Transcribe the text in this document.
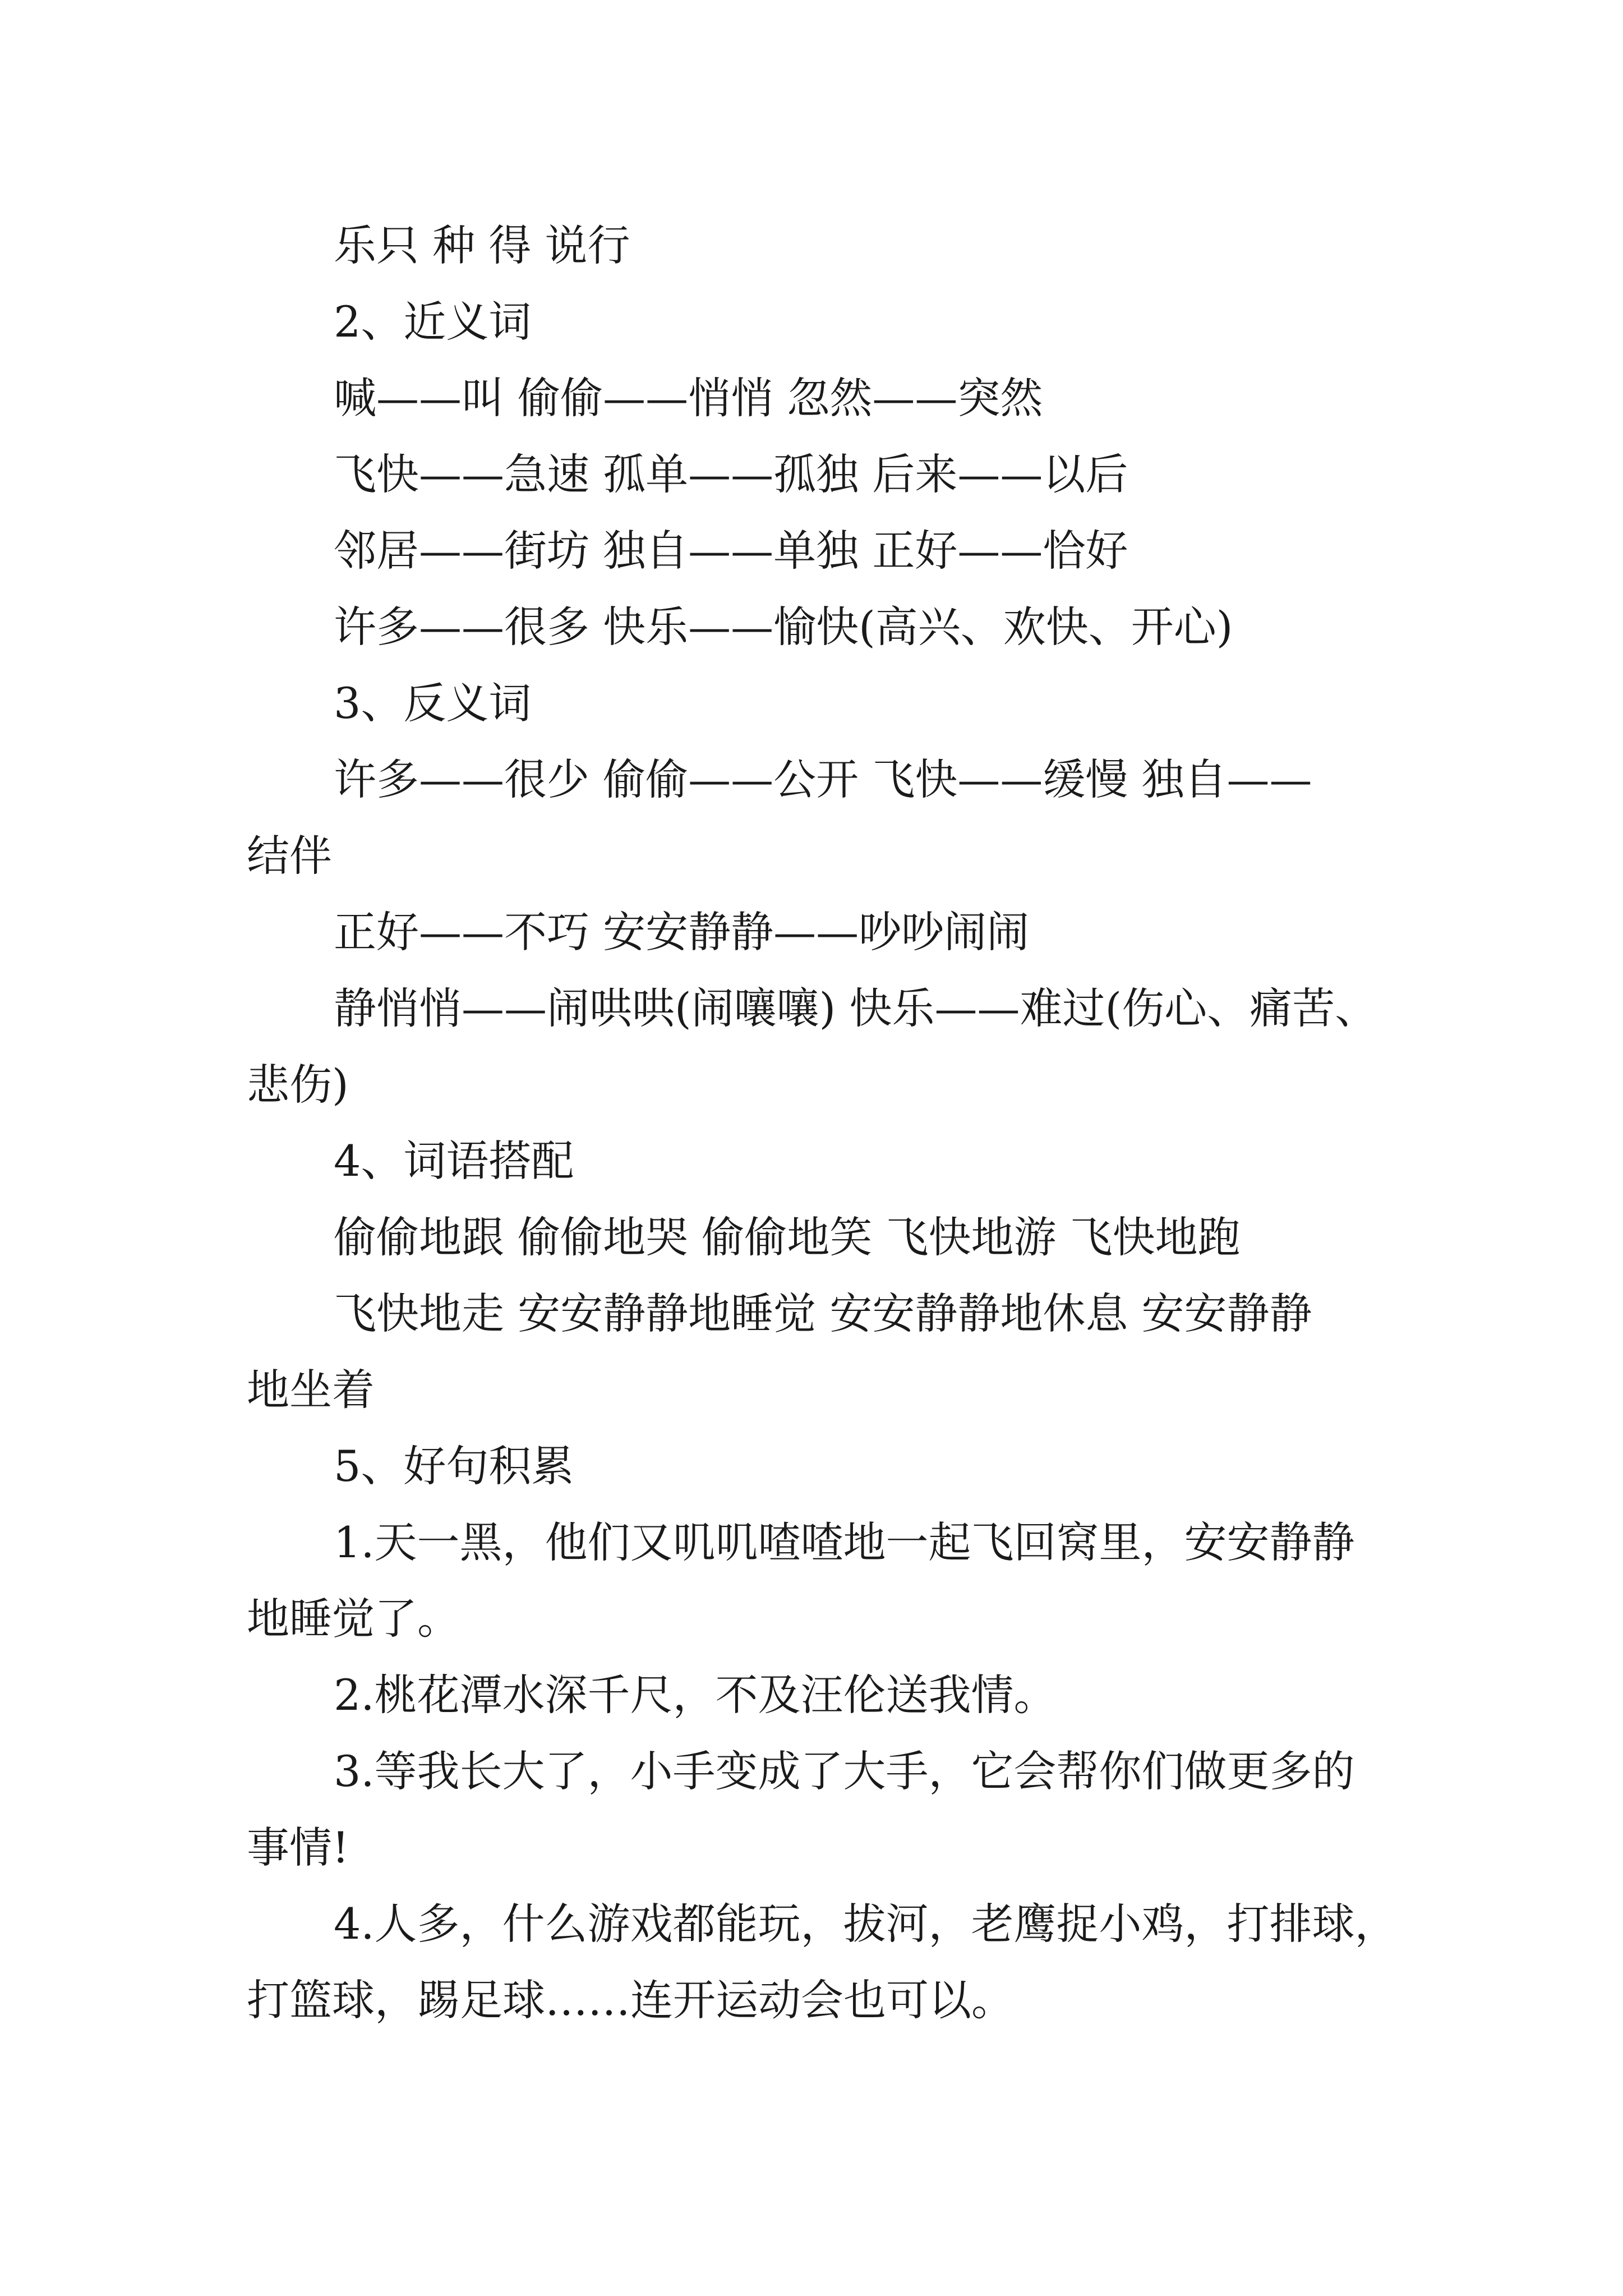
乐只 种 得 说行
2、近义词
喊——叫 偷偷——悄悄 忽然——突然
飞快——急速 孤单——孤独 后来——以后
邻居——街坊 独自——单独 正好——恰好
许多——很多 快乐——愉快(高兴、欢快、开心)
3、反义词
许多——很少 偷偷——公开 飞快——缓慢 独自——
结伴
正好——不巧 安安静静——吵吵闹闹
静悄悄——闹哄哄(闹嚷嚷) 快乐——难过(伤心、痛苦、
悲伤)
4、词语搭配
偷偷地跟 偷偷地哭 偷偷地笑 飞快地游 飞快地跑
飞快地走 安安静静地睡觉 安安静静地休息 安安静静
地坐着
5、好句积累
1.天一黑，他们又叽叽喳喳地一起飞回窝里，安安静静
地睡觉了。
2.桃花潭水深千尺，不及汪伦送我情。
3.等我长大了，小手变成了大手，它会帮你们做更多的
事情!
4.人多，什么游戏都能玩，拔河，老鹰捉小鸡，打排球，
打篮球，踢足球……连开运动会也可以。
